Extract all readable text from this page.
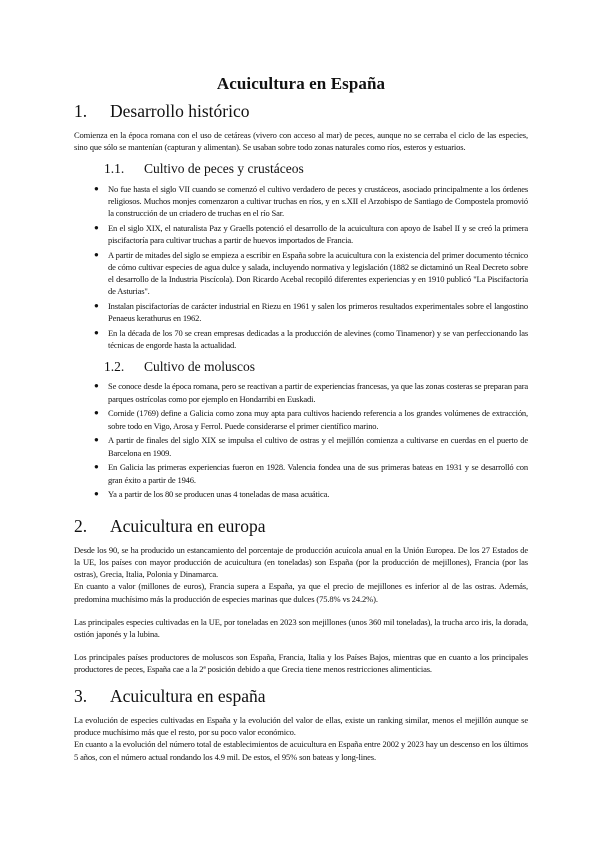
Acuicultura en España
1.	Desarrollo histórico

Comienza en la época romana con el uso de cetáreas (vivero con acceso al mar) de peces, aunque no se cerraba el ciclo de las especies, sino que sólo se mantenían (capturan y alimentan). Se usaban sobre todo zonas naturales como ríos, esteros y estuarios.

1.1.	Cultivo de peces y crustáceos
● No fue hasta el siglo VII cuando se comenzó el cultivo verdadero de peces y crustáceos, asociado principalmente a los órdenes religiosos. Muchos monjes comenzaron a cultivar truchas en ríos, y en s.XII el Arzobispo de Santiago de Compostela promovió la construcción de un criadero de truchas en el río Sar.
● En el siglo XIX, el naturalista Paz y Graells potenció el desarrollo de la acuicultura con apoyo de Isabel II y se creó la primera piscifactoría para cultivar truchas a partir de huevos importados de Francia.
● A partir de mitades del siglo se empieza a escribir en España sobre la acuicultura con la existencia del primer documento técnico de cómo cultivar especies de agua dulce y salada, incluyendo normativa y legislación (1882 se dictaminó un Real Decreto sobre el desarrollo de la Industria Piscícola). Don Ricardo Acebal recopiló diferentes experiencias y en 1910 publicó "La Piscifactoría de Asturias".
● Instalan piscifactorías de carácter industrial en Riezu en 1961 y salen los primeros resultados experimentales sobre el langostino Penaeus kerathurus en 1962.
● En la década de los 70 se crean empresas dedicadas a la producción de alevines (como Tinamenor) y se van perfeccionando las técnicas de engorde hasta la actualidad.
1.2.	Cultivo de moluscos
● Se conoce desde la época romana, pero se reactivan a partir de experiencias francesas, ya que las zonas costeras se preparan para parques ostrícolas como por ejemplo en Hondarribi en Euskadi.
● Cornide (1769) define a Galicia como zona muy apta para cultivos haciendo referencia a los grandes volúmenes de extracción, sobre todo en Vigo, Arosa y Ferrol. Puede considerarse el primer científico marino.
● A partir de finales del siglo XIX se impulsa el cultivo de ostras y el mejillón comienza a cultivarse en cuerdas en el puerto de Barcelona en 1909.
● En Galicia las primeras experiencias fueron en 1928. Valencia fondea una de sus primeras bateas en 1931 y se desarrolló con gran éxito a partir de 1946.
● Ya a partir de los 80 se producen unas 4 toneladas de masa acuática.
2.	Acuicultura en europa

Desde los 90, se ha producido un estancamiento del porcentaje de producción acuícola anual en la Unión Europea. De los 27 Estados de la UE, los países con mayor producción de acuicultura (en toneladas) son España (por la producción de mejillones), Francia (por las ostras), Grecia, Italia, Polonia y Dinamarca.

En cuanto a valor (millones de euros), Francia supera a España, ya que el precio de mejillones es inferior al de las ostras. Además, predomina muchísimo más la producción de especies marinas que dulces (75.8% vs 24.2%).

Las principales especies cultivadas en la UE, por toneladas en 2023 son mejillones (unos 360 mil toneladas), la trucha arco iris, la dorada, ostión japonés y la lubina.

Los principales países productores de moluscos son España, Francia, Italia y los Países Bajos, mientras que en cuanto a los principales productores de peces, España cae a la 2ª posición debido a que Grecia tiene menos restricciones alimenticias.

3.	Acuicultura en españa

La evolución de especies cultivadas en España y la evolución del valor de ellas, existe un ranking similar, menos el mejillón aunque se produce muchísimo más que el resto, por su poco valor económico.

En cuanto a la evolución del número total de establecimientos de acuicultura en España entre 2002 y 2023 hay un descenso en los últimos 5 años, con el número actual rondando los 4.9 mil. De estos, el 95% son bateas y long-lines.
